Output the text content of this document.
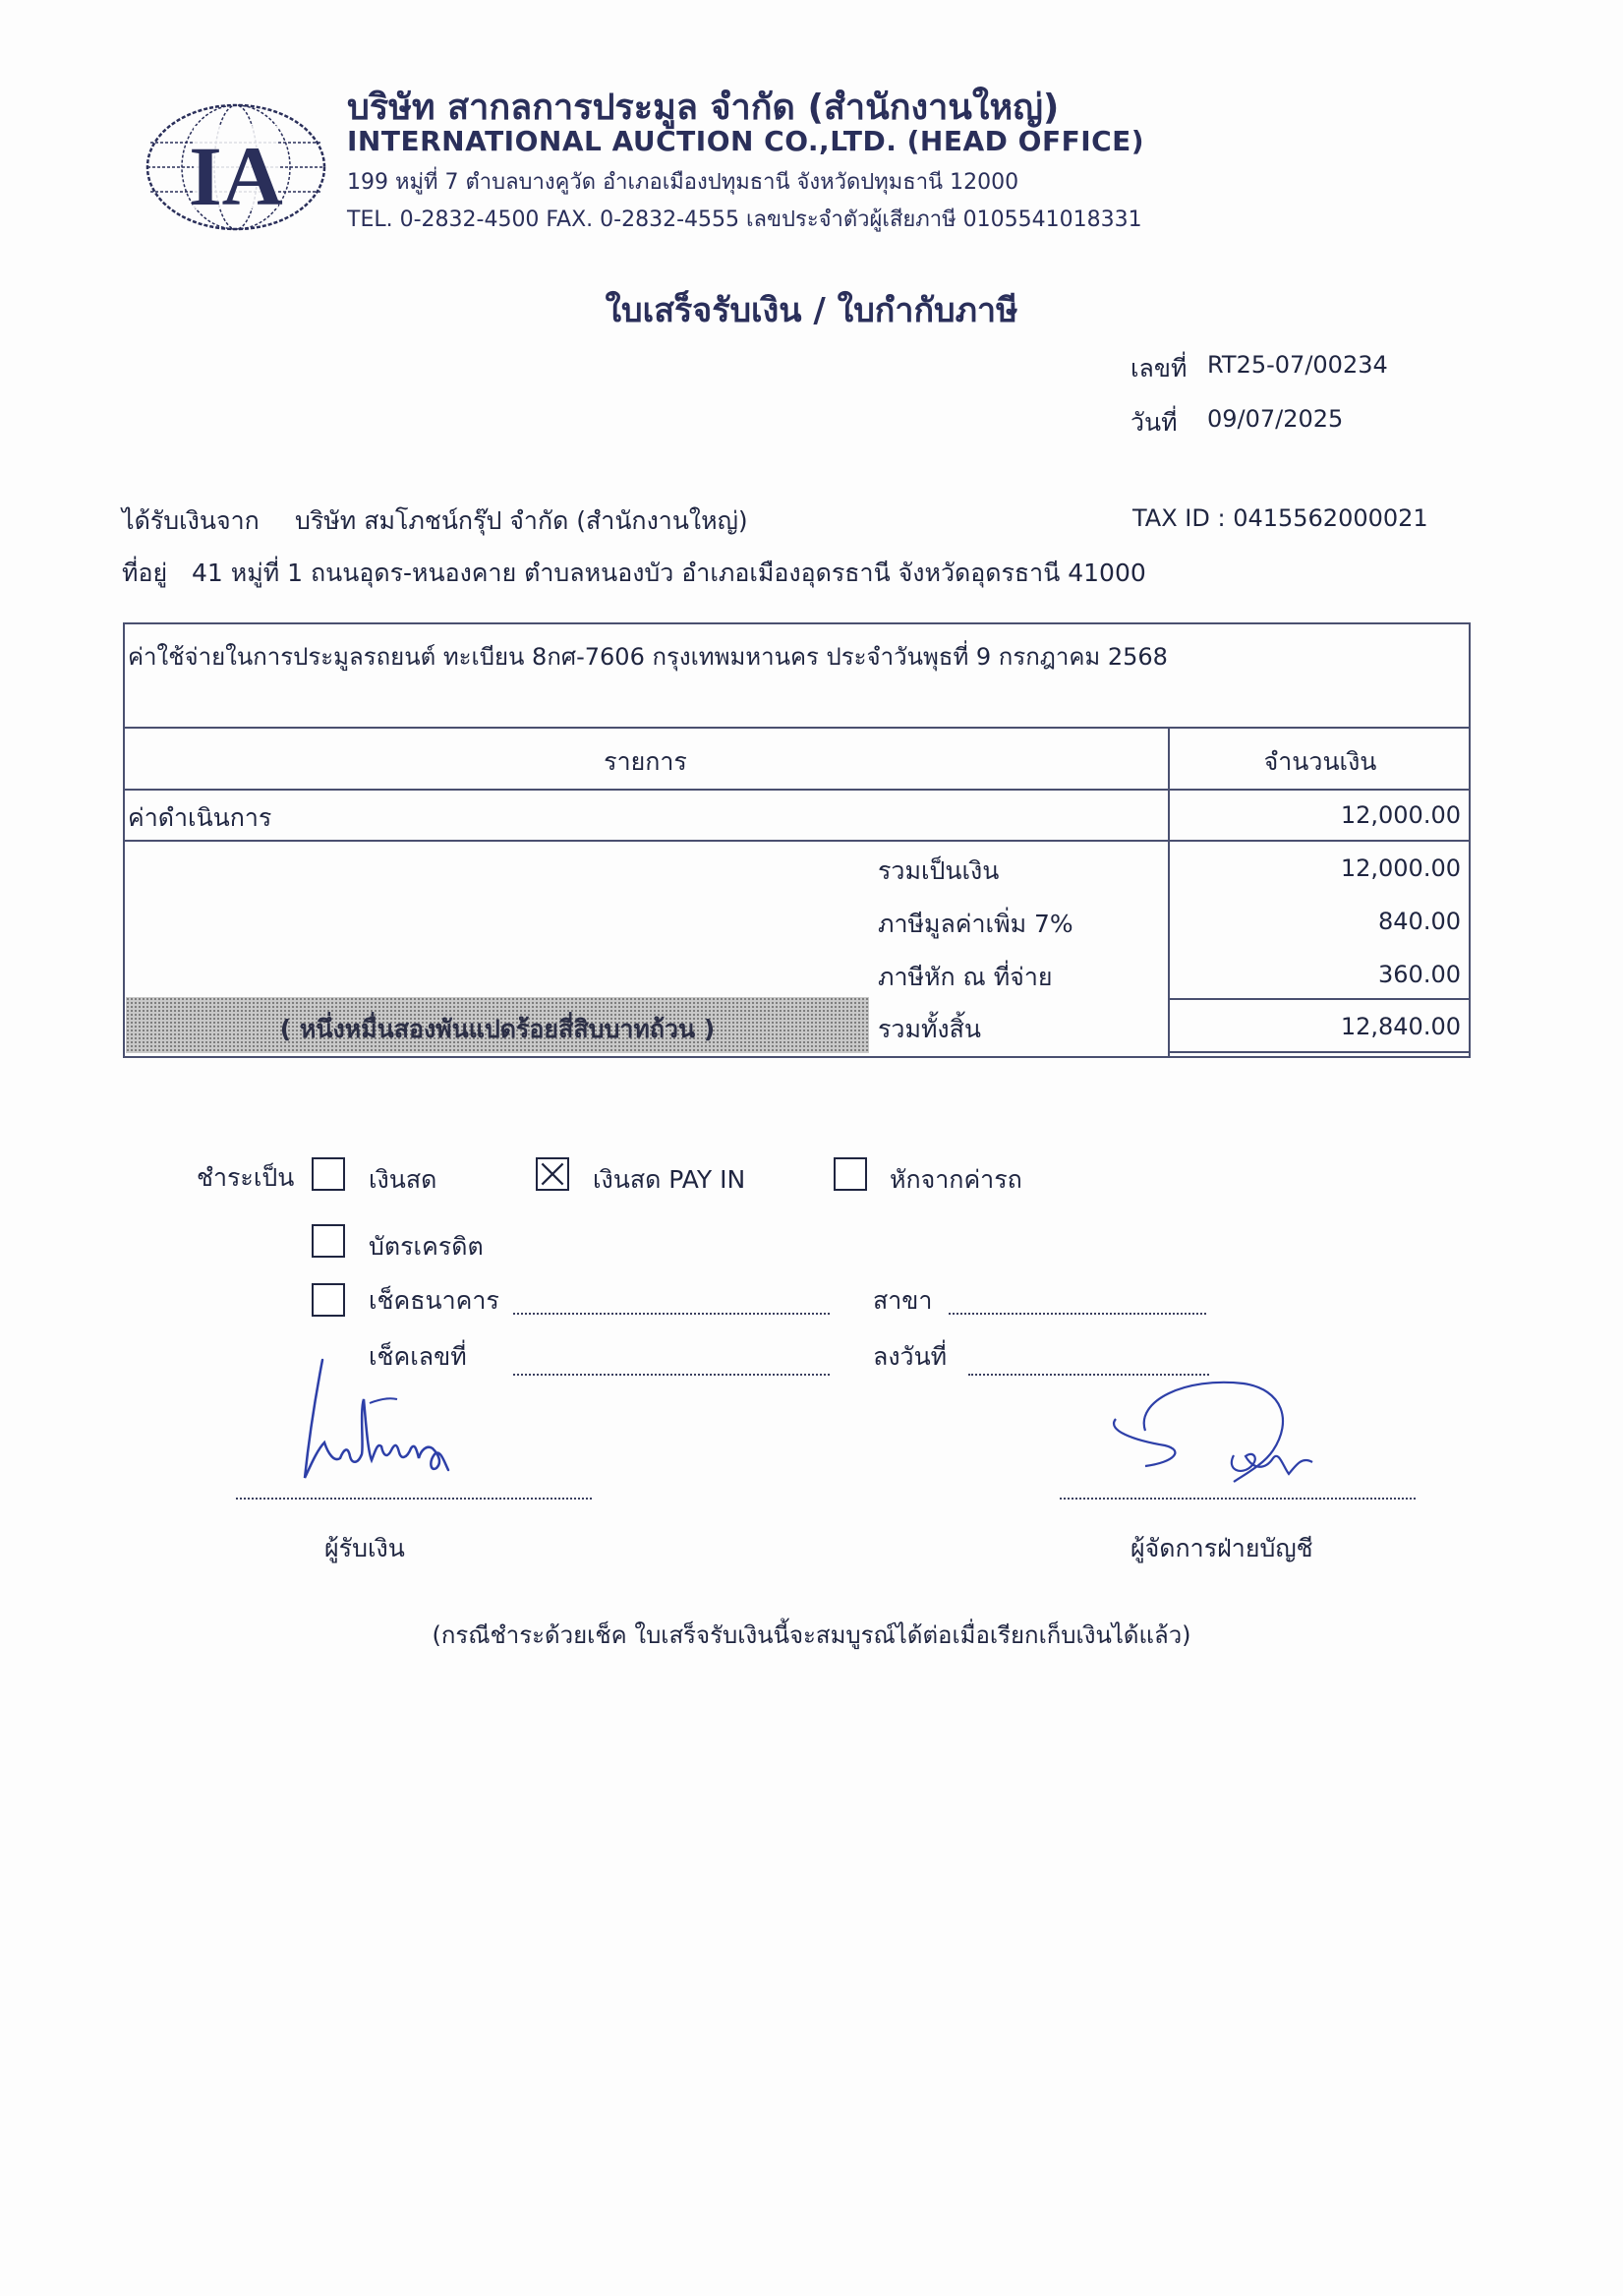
IA
บริษัท สากลการประมูล จำกัด (สำนักงานใหญ่)
INTERNATIONAL AUCTION CO.,LTD. (HEAD OFFICE)
199 หมู่ที่ 7 ตำบลบางคูวัด อำเภอเมืองปทุมธานี จังหวัดปทุมธานี 12000
TEL. 0-2832-4500 FAX. 0-2832-4555 เลขประจำตัวผู้เสียภาษี 0105541018331
ใบเสร็จรับเงิน / ใบกำกับภาษี
เลขที่ RT25-07/00234
วันที่ 09/07/2025
ได้รับเงินจาก บริษัท สมโภชน์กรุ๊ป จำกัด (สำนักงานใหญ่)	TAX ID : 0415562000021
ที่อยู่ 41 หมู่ที่ 1 ถนนอุดร-หนองคาย ตำบลหนองบัว อำเภอเมืองอุดรธานี จังหวัดอุดรธานี 41000
ค่าใช้จ่ายในการประมูลรถยนต์ ทะเบียน 8กศ-7606 กรุงเทพมหานคร ประจำวันพุธที่ 9 กรกฎาคม 2568
รายการ	จำนวนเงิน
ค่าดำเนินการ	12,000.00
รวมเป็นเงิน	12,000.00
ภาษีมูลค่าเพิ่ม 7%	840.00
ภาษีหัก ณ ที่จ่าย	360.00
( หนึ่งหมื่นสองพันแปดร้อยสี่สิบบาทถ้วน )	รวมทั้งสิ้น	12,840.00
ชำระเป็น	เงินสด	เงินสด PAY IN	หักจากค่ารถ
บัตรเครดิต
เช็คธนาคาร	สาขา
เช็คเลขที่	ลงวันที่
ผู้รับเงิน	ผู้จัดการฝ่ายบัญชี
(กรณีชำระด้วยเช็ค ใบเสร็จรับเงินนี้จะสมบูรณ์ได้ต่อเมื่อเรียกเก็บเงินได้แล้ว)
